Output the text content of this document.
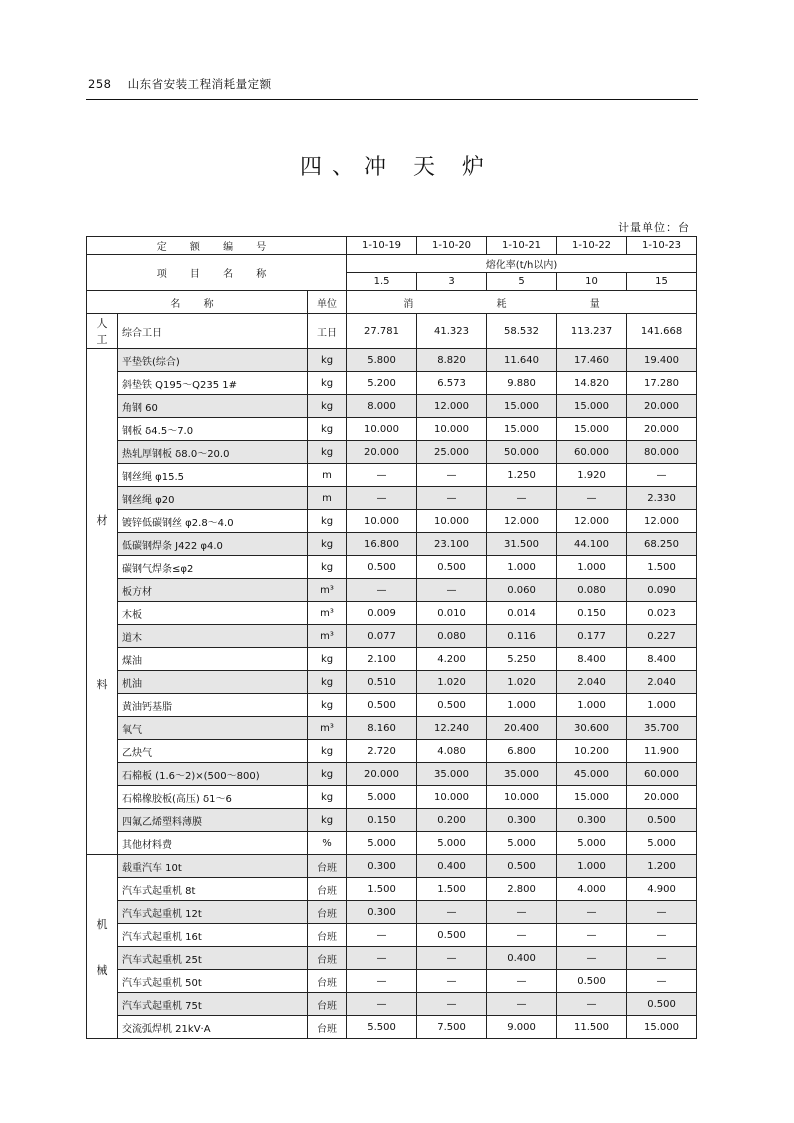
258 山东省安装工程消耗量定额
四、冲 天 炉
计量单位：台
定 额 编 号			1-10-19	1-10-20	1-10-21	1-10-22	1-10-23
项 目 名 称			熔化率(t/h以内)				
			1.5	3	5	10	15
名 称		单位	消 耗 量				

人
工	综合工日	工日	27.781	41.323	58.532	113.237	141.668

材
料	平垫铁(综合)	kg	5.800	8.820	11.640	17.460	19.400
	斜垫铁 Q195～Q235 1#	kg	5.200	6.573	9.880	14.820	17.280
	角钢 60	kg	8.000	12.000	15.000	15.000	20.000
	钢板 δ4.5～7.0	kg	10.000	10.000	15.000	15.000	20.000
	热轧厚钢板 δ8.0～20.0	kg	20.000	25.000	50.000	60.000	80.000
	钢丝绳 φ15.5	m	—	—	1.250	1.920	—
	钢丝绳 φ20	m	—	—	—	—	2.330
	镀锌低碳钢丝 φ2.8～4.0	kg	10.000	10.000	12.000	12.000	12.000
	低碳钢焊条 J422 φ4.0	kg	16.800	23.100	31.500	44.100	68.250
	碳钢气焊条≤φ2	kg	0.500	0.500	1.000	1.000	1.500
	板方材	m³	—	—	0.060	0.080	0.090
	木板	m³	0.009	0.010	0.014	0.150	0.023
	道木	m³	0.077	0.080	0.116	0.177	0.227
	煤油	kg	2.100	4.200	5.250	8.400	8.400
	机油	kg	0.510	1.020	1.020	2.040	2.040
	黄油钙基脂	kg	0.500	0.500	1.000	1.000	1.000
	氧气	m³	8.160	12.240	20.400	30.600	35.700
	乙炔气	kg	2.720	4.080	6.800	10.200	11.900
	石棉板 (1.6～2)×(500～800)	kg	20.000	35.000	35.000	45.000	60.000
	石棉橡胶板(高压) δ1～6	kg	5.000	10.000	10.000	15.000	20.000
	四氟乙烯塑料薄膜	kg	0.150	0.200	0.300	0.300	0.500
	其他材料费	%	5.000	5.000	5.000	5.000	5.000

机
械	载重汽车 10t	台班	0.300	0.400	0.500	1.000	1.200
	汽车式起重机 8t	台班	1.500	1.500	2.800	4.000	4.900
	汽车式起重机 12t	台班	0.300	—	—	—	—
	汽车式起重机 16t	台班	—	0.500	—	—	—
	汽车式起重机 25t	台班	—	—	0.400	—	—
	汽车式起重机 50t	台班	—	—	—	0.500	—
	汽车式起重机 75t	台班	—	—	—	—	0.500
	交流弧焊机 21kV·A	台班	5.500	7.500	9.000	11.500	15.000
